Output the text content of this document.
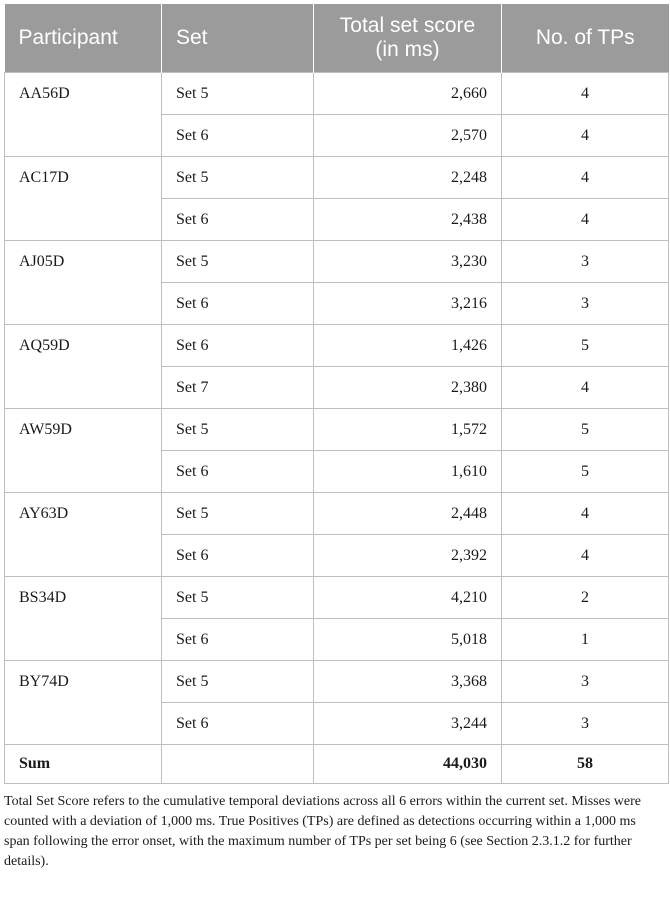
Participant	Set	Total set score (in ms)	No. of TPs
AA56D	Set 5	2,660	4
	Set 6	2,570	4
AC17D	Set 5	2,248	4
	Set 6	2,438	4
AJ05D	Set 5	3,230	3
	Set 6	3,216	3
AQ59D	Set 6	1,426	5
	Set 7	2,380	4
AW59D	Set 5	1,572	5
	Set 6	1,610	5
AY63D	Set 5	2,448	4
	Set 6	2,392	4
BS34D	Set 5	4,210	2
	Set 6	5,018	1
BY74D	Set 5	3,368	3
	Set 6	3,244	3
Sum		44,030	58
Total Set Score refers to the cumulative temporal deviations across all 6 errors within the current set. Misses were counted with a deviation of 1,000 ms. True Positives (TPs) are defined as detections occurring within a 1,000 ms span following the error onset, with the maximum number of TPs per set being 6 (see Section 2.3.1.2 for further details).
